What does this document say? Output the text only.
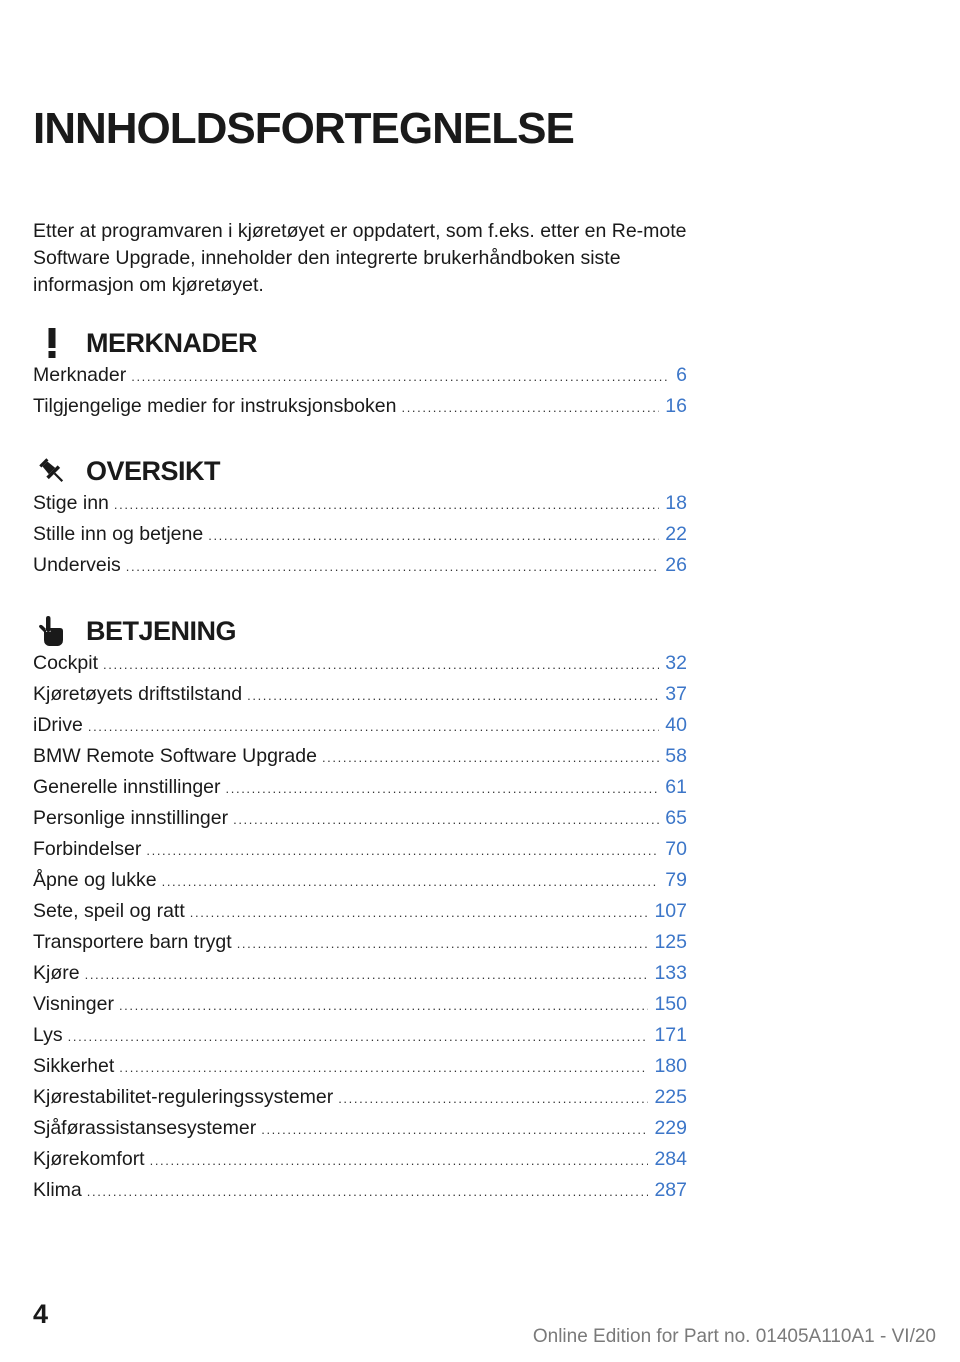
INNHOLDSFORTEGNELSE

Etter at programvaren i kjøretøyet er oppdatert, som f.eks. etter en Re-mote Software Upgrade, inneholder den integrerte brukerhåndboken siste informasjon om kjøretøyet.

MERKNADER
Merknader . . .	6
Tilgjengelige medier for instruksjonsboken . . .	16
OVERSIKT
Stige inn . . .	18
Stille inn og betjene . . .	22
Underveis . . .	26
BETJENING
Cockpit . . .	32
Kjøretøyets driftstilstand . . .	37
iDrive . . .	40
BMW Remote Software Upgrade . . .	58
Generelle innstillinger . . .	61
Personlige innstillinger . . .	65
Forbindelser . . .	70
Åpne og lukke . . .	79
Sete, speil og ratt . . .	107
Transportere barn trygt . . .	125
Kjøre . . .	133
Visninger . . .	150
Lys . . .	171
Sikkerhet . . .	180
Kjørestabilitet-reguleringssystemer . . .	225
Sjåførassistansesystemer . . .	229
Kjørekomfort . . .	284
Klima . . .	287
4
Online Edition for Part no. 01405A110A1 - VI/20
